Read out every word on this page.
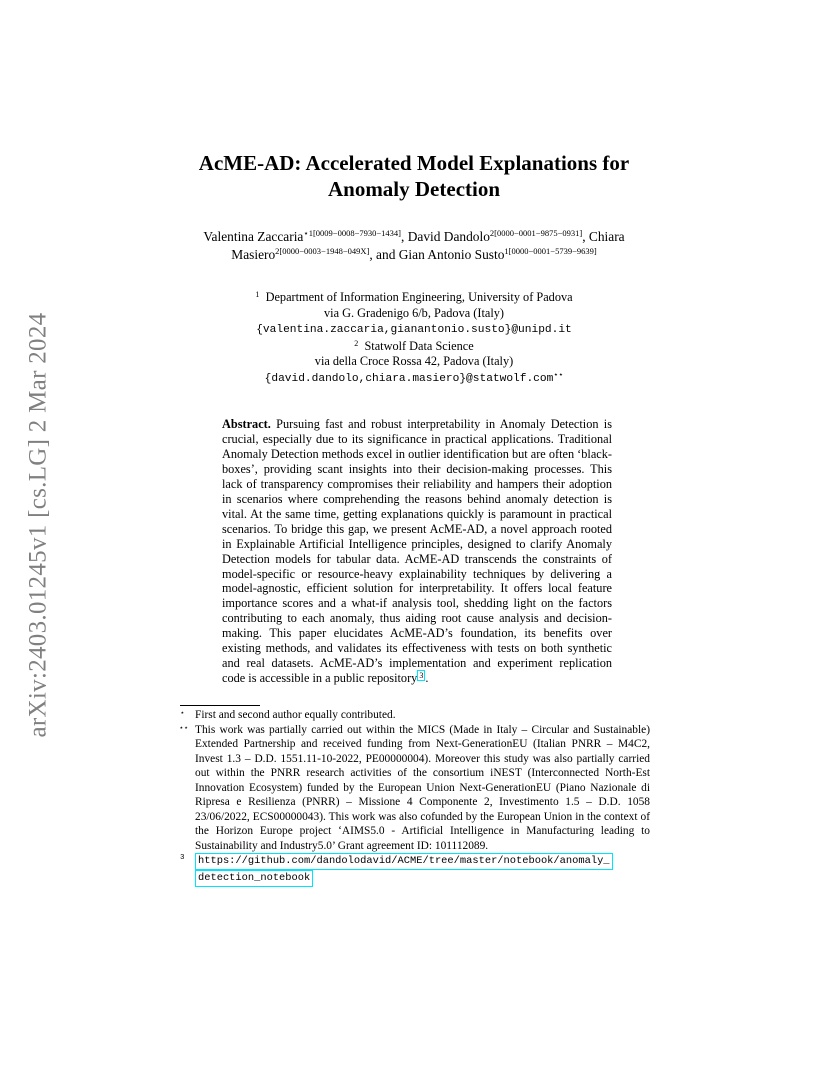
arXiv:2403.01245v1 [cs.LG] 2 Mar 2024
AcME-AD: Accelerated Model Explanations for
Anomaly Detection
Valentina Zaccaria$^{⋆1[0009-0008-7930-1434]}$, David Dandolo$^{2[0000-0001-9875-0931]}$, Chiara Masiero$^{2[0000-0003-1948-049X]}$, and Gian Antonio Susto$^{1[0000-0001-5739-9639]}$
$^1$ Department of Information Engineering, University of Padova
via G. Gradenigo 6/b, Padova (Italy)
{valentina.zaccaria,gianantonio.susto}@unipd.it
$^2$ Statwolf Data Science
via della Croce Rossa 42, Padova (Italy)
{david.dandolo,chiara.masiero}@statwolf.com⋆⋆
Abstract. Pursuing fast and robust interpretability in Anomaly Detection is crucial, especially due to its significance in practical applications. Traditional Anomaly Detection methods excel in outlier identification but are often ‘black-boxes’, providing scant insights into their decision-making processes. This lack of transparency compromises their reliability and hampers their adoption in scenarios where comprehending the reasons behind anomaly detection is vital. At the same time, getting explanations quickly is paramount in practical scenarios. To bridge this gap, we present AcME-AD, a novel approach rooted in Explainable Artificial Intelligence principles, designed to clarify Anomaly Detection models for tabular data. AcME-AD transcends the constraints of model-specific or resource-heavy explainability techniques by delivering a model-agnostic, efficient solution for interpretability. It offers local feature importance scores and a what-if analysis tool, shedding light on the factors contributing to each anomaly, thus aiding root cause analysis and decision-making. This paper elucidates AcME-AD’s foundation, its benefits over existing methods, and validates its effectiveness with tests on both synthetic and real datasets. AcME-AD’s implementation and experiment replication code is accessible in a public repository $^3$ .
⋆ First and second author equally contributed.
⋆⋆ This work was partially carried out within the MICS (Made in Italy – Circular and Sustainable) Extended Partnership and received funding from Next-GenerationEU (Italian PNRR – M4C2, Invest 1.3 – D.D. 1551.11-10-2022, PE00000004). Moreover this study was also partially carried out within the PNRR research activities of the consortium iNEST (Interconnected North-Est Innovation Ecosystem) funded by the European Union Next-GenerationEU (Piano Nazionale di Ripresa e Resilienza (PNRR) – Missione 4 Componente 2, Investimento 1.5 – D.D. 1058 23/06/2022, ECS00000043). This work was also cofunded by the European Union in the context of the Horizon Europe project ‘AIMS5.0 - Artificial Intelligence in Manufacturing leading to Sustainability and Industry5.0’ Grant agreement ID: 101112089.
3 https://github.com/dandolodavid/ACME/tree/master/notebook/anomaly_
detection_notebook
